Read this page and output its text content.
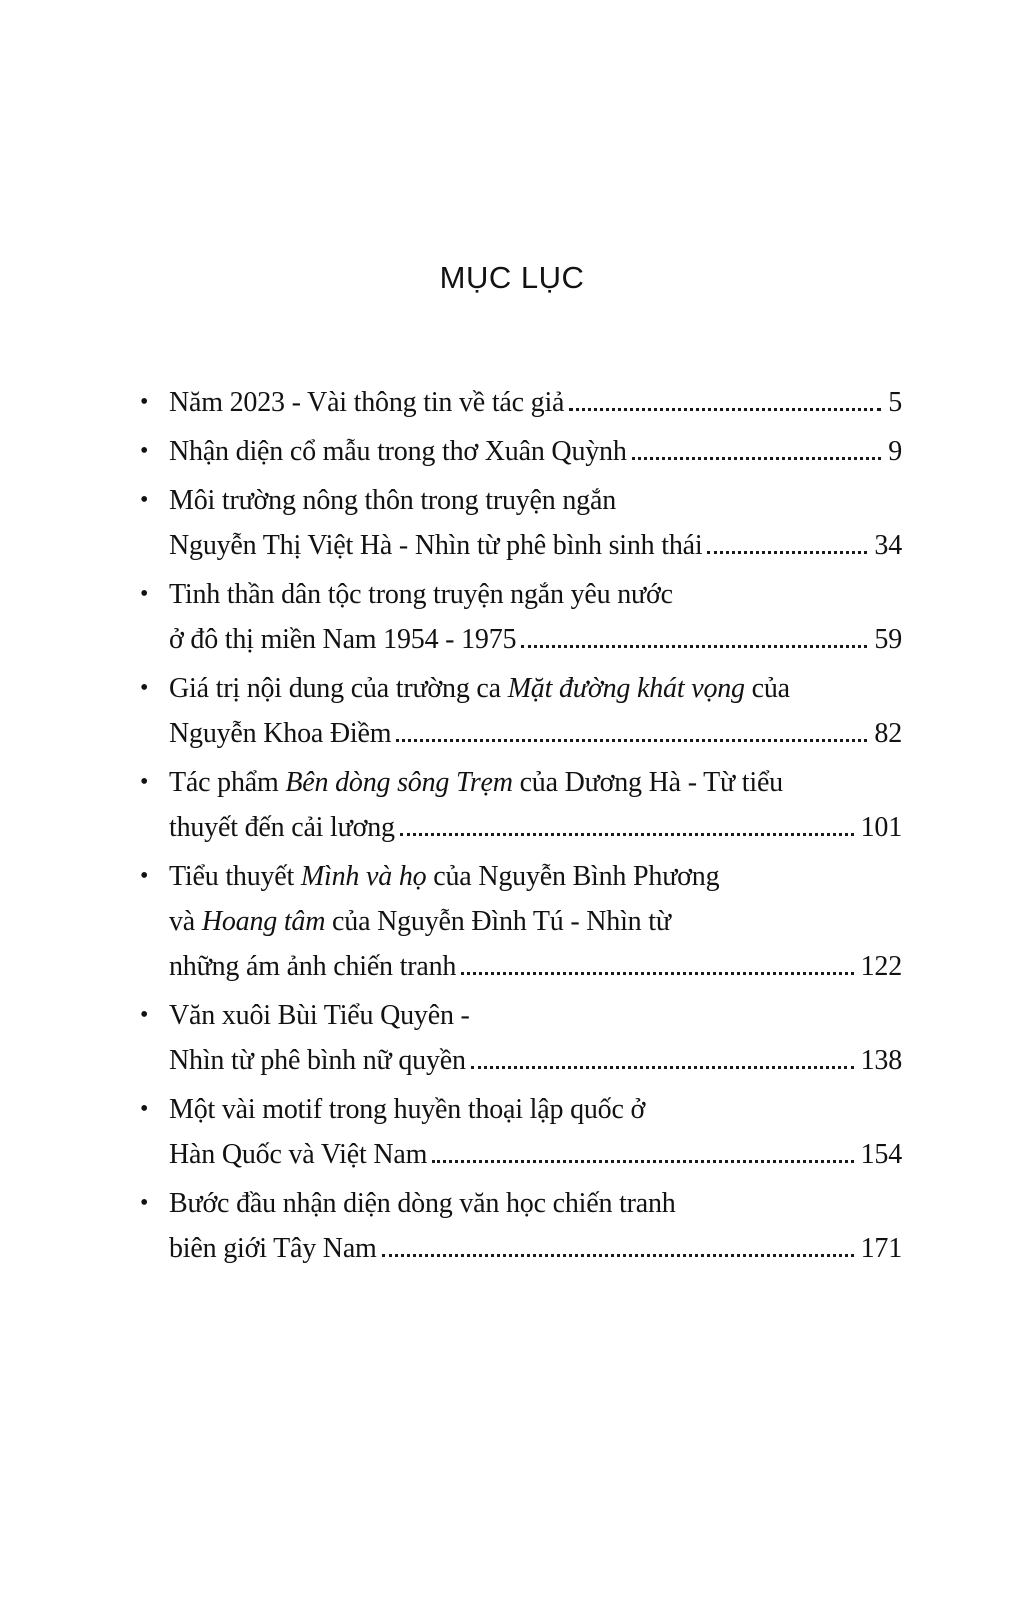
MỤC LỤC
• Năm 2023 - Vài thông tin về tác giả	5
• Nhận diện cổ mẫu trong thơ Xuân Quỳnh	9
• Môi trường nông thôn trong truyện ngắn
Nguyễn Thị Việt Hà - Nhìn từ phê bình sinh thái	34
• Tinh thần dân tộc trong truyện ngắn yêu nước
ở đô thị miền Nam 1954 - 1975	59
• Giá trị nội dung của trường ca Mặt đường khát vọng của
Nguyễn Khoa Điềm	82
• Tác phẩm Bên dòng sông Trẹm của Dương Hà - Từ tiểu
thuyết đến cải lương	101
• Tiểu thuyết Mình và họ của Nguyễn Bình Phương
và Hoang tâm của Nguyễn Đình Tú - Nhìn từ
những ám ảnh chiến tranh	122
• Văn xuôi Bùi Tiểu Quyên -
Nhìn từ phê bình nữ quyền	138
• Một vài motif trong huyền thoại lập quốc ở
Hàn Quốc và Việt Nam	154
• Bước đầu nhận diện dòng văn học chiến tranh
biên giới Tây Nam	171
